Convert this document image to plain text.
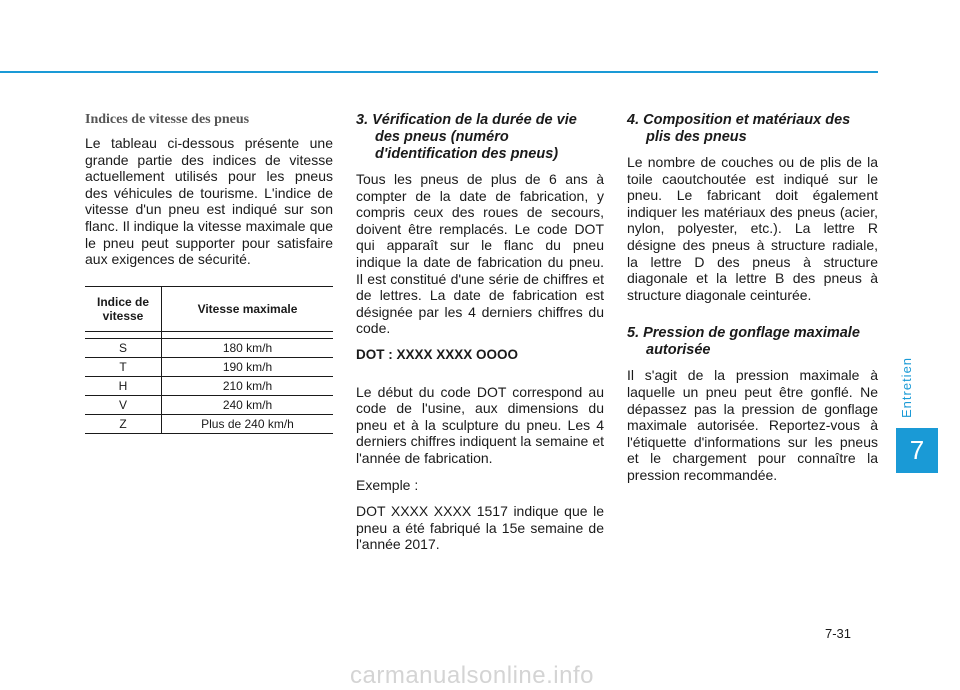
Indices de vitesse des pneus

Le tableau ci-dessous présente une grande partie des indices de vitesse actuellement utilisés pour les pneus des véhicules de tourisme. L'indice de vitesse d'un pneu est indiqué sur son flanc. Il indique la vitesse maximale que le pneu peut supporter pour satisfaire aux exigences de sécurité.

Indice de vitesse	Vitesse maximale

S	180 km/h
T	190 km/h
H	210 km/h
V	240 km/h
Z	Plus de 240 km/h
3. Vérification de la durée de vie des pneus (numéro d'identification des pneus)

Tous les pneus de plus de 6 ans à compter de la date de fabrication, y compris ceux des roues de secours, doivent être remplacés. Le code DOT qui apparaît sur le flanc du pneu indique la date de fabrication du pneu. Il est constitué d'une série de chiffres et de lettres. La date de fabrication est désignée par les 4 derniers chiffres du code.

DOT : XXXX XXXX OOOO

Le début du code DOT correspond au code de l'usine, aux dimensions du pneu et à la sculpture du pneu. Les 4 derniers chiffres indiquent la semaine et l'année de fabrication.

Exemple :

DOT XXXX XXXX 1517 indique que le pneu a été fabriqué la 15e semaine de l'année 2017.

4. Composition et matériaux des plis des pneus

Le nombre de couches ou de plis de la toile caoutchoutée est indiqué sur le pneu. Le fabricant doit également indiquer les matériaux des pneus (acier, nylon, polyester, etc.). La lettre R désigne des pneus à structure radiale, la lettre D des pneus à structure diagonale et la lettre B des pneus à structure diagonale ceinturée.

5. Pression de gonflage maximale autorisée

Il s'agit de la pression maximale à laquelle un pneu peut être gonflé. Ne dépassez pas la pression de gonflage maximale autorisée. Reportez-vous à l'étiquette d'informations sur les pneus et le chargement pour connaître la pression recommandée.

Entretien
7
7-31
carmanualsonline.info
